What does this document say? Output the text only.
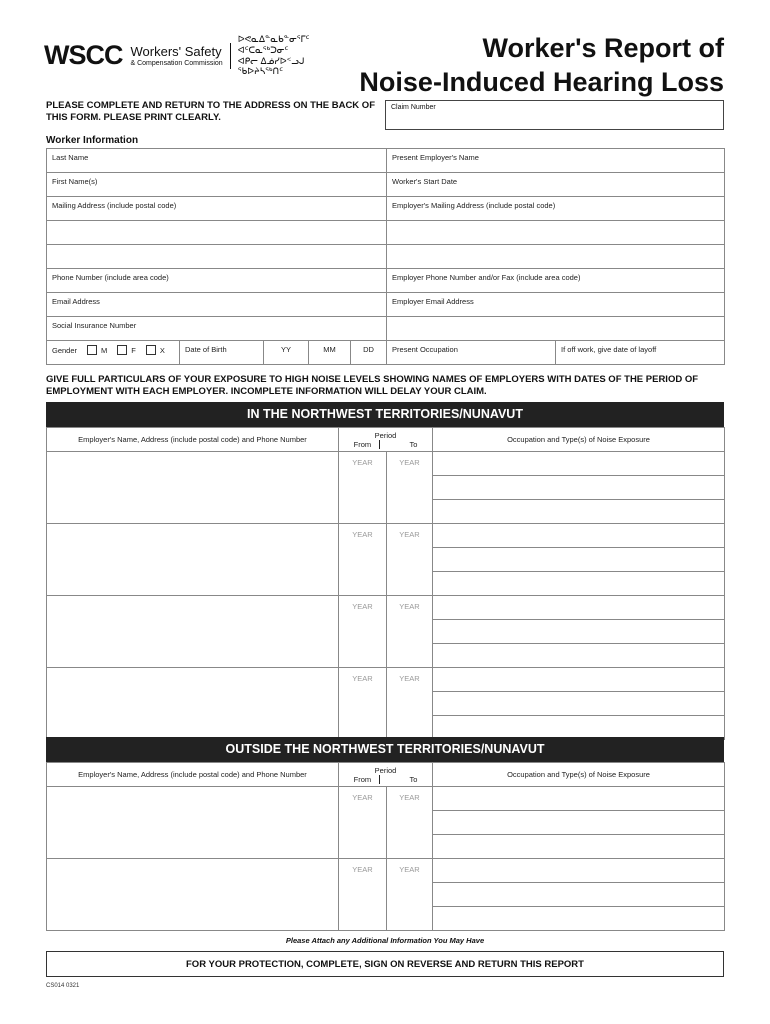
WSCC Workers' Safety
& Compensation Commission
ᐅᕙᓇᐃᓐᓇᑲᓐᓂᕐᒥᑦ ᐊᑦᑕᓇᖅᑐᓂᑦ
ᐊᑭᓕ ᐃᓅᓯᐅᑉᓗᒍ ᖃᐅᔨᓴᖅᑎᑦ
Worker's Report of
Noise-Induced Hearing Loss
PLEASE COMPLETE AND RETURN TO THE ADDRESS ON THE BACK OF THIS FORM. PLEASE PRINT CLEARLY.
Claim Number
Worker Information
Last Name					Present Employer's Name	
First Name(s)					Worker's Start Date	
Mailing Address (include postal code)					Employer's Mailing Address (include postal code)	

Phone Number (include area code)					Employer Phone Number and/or Fax (include area code)	
Email Address					Employer Email Address	
Social Insurance Number						

Gender M F X	Date of Birth	YY	MM	DD	Present Occupation	If off work, give date of layoff
GIVE FULL PARTICULARS OF YOUR EXPOSURE TO HIGH NOISE LEVELS SHOWING NAMES OF EMPLOYERS WITH DATES OF THE PERIOD OF EMPLOYMENT WITH EACH EMPLOYER. INCOMPLETE INFORMATION WILL DELAY YOUR CLAIM.
IN THE NORTHWEST TERRITORIES/NUNAVUT
Employer's Name, Address (include postal code) and Phone Number	Period
From To		Occupation and Type(s) of Noise Exposure
	YEAR	YEAR	

	YEAR	YEAR	

	YEAR	YEAR	

	YEAR	YEAR	

OUTSIDE THE NORTHWEST TERRITORIES/NUNAVUT
Employer's Name, Address (include postal code) and Phone Number	Period
From To		Occupation and Type(s) of Noise Exposure
	YEAR	YEAR	

	YEAR	YEAR	

Please Attach any Additional Information You May Have
FOR YOUR PROTECTION, COMPLETE, SIGN ON REVERSE AND RETURN THIS REPORT
CS014 0321
